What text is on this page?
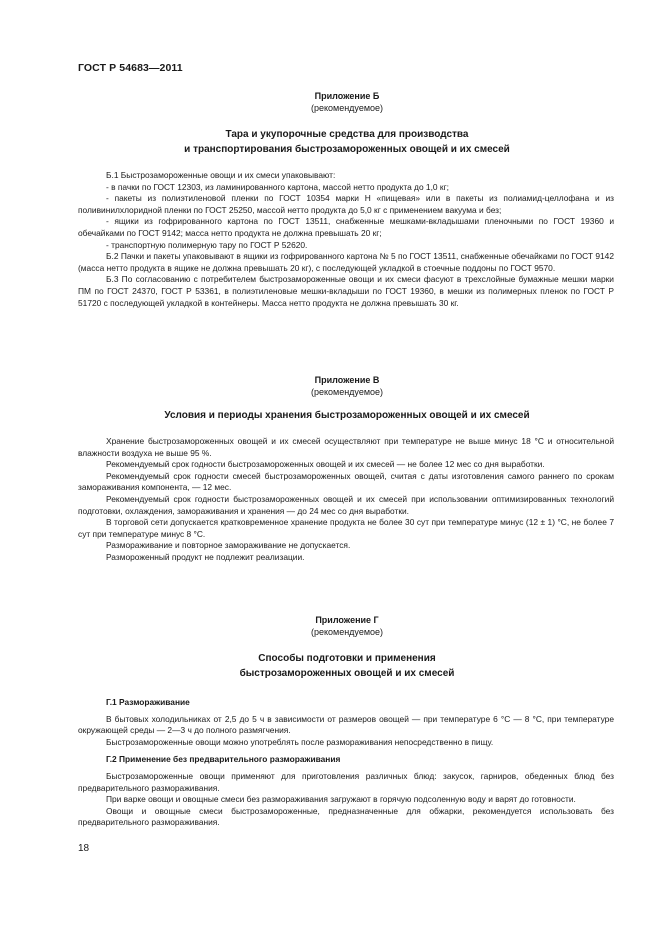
ГОСТ Р 54683—2011
Приложение Б
(рекомендуемое)
Тара и укупорочные средства для производства
и транспортирования быстрозамороженных овощей и их смесей

Б.1 Быстрозамороженные овощи и их смеси упаковывают:

- в пачки по ГОСТ 12303, из ламинированного картона, массой нетто продукта до 1,0 кг;

- пакеты из полиэтиленовой пленки по ГОСТ 10354 марки Н «пищевая» или в пакеты из полиамид-целлофана и из поливинилхлоридной пленки по ГОСТ 25250, массой нетто продукта до 5,0 кг с применением вакуума и без;

- ящики из гофрированного картона по ГОСТ 13511, снабженные мешками-вкладышами пленочными по ГОСТ 19360 и обечайками по ГОСТ 9142; масса нетто продукта не должна превышать 20 кг;

- транспортную полимерную тару по ГОСТ Р 52620.

Б.2 Пачки и пакеты упаковывают в ящики из гофрированного картона № 5 по ГОСТ 13511, снабженные обечайками по ГОСТ 9142 (масса нетто продукта в ящике не должна превышать 20 кг), с последующей укладкой в стоечные поддоны по ГОСТ 9570.

Б.3 По согласованию с потребителем быстрозамороженные овощи и их смеси фасуют в трехслойные бумажные мешки марки ПМ по ГОСТ 24370, ГОСТ Р 53361, в полиэтиленовые мешки-вкладыши по ГОСТ 19360, в мешки из полимерных пленок по ГОСТ Р 51720 с последующей укладкой в контейнеры. Масса нетто продукта не должна превышать 30 кг.

Приложение В
(рекомендуемое)
Условия и периоды хранения быстрозамороженных овощей и их смесей

Хранение быстрозамороженных овощей и их смесей осуществляют при температуре не выше минус 18 °С и относительной влажности воздуха не выше 95 %.

Рекомендуемый срок годности быстрозамороженных овощей и их смесей — не более 12 мес со дня выработки.

Рекомендуемый срок годности смесей быстрозамороженных овощей, считая с даты изготовления самого раннего по срокам замораживания компонента, — 12 мес.

Рекомендуемый срок годности быстрозамороженных овощей и их смесей при использовании оптимизированных технологий подготовки, охлаждения, замораживания и хранения — до 24 мес со дня выработки.

В торговой сети допускается кратковременное хранение продукта не более 30 сут при температуре минус (12 ± 1) °С, не более 7 сут при температуре минус 8 °С.

Размораживание и повторное замораживание не допускается.

Размороженный продукт не подлежит реализации.

Приложение Г
(рекомендуемое)
Способы подготовки и применения
быстрозамороженных овощей и их смесей

Г.1 Размораживание

В бытовых холодильниках от 2,5 до 5 ч в зависимости от размеров овощей — при температуре 6 °С — 8 °С, при температуре окружающей среды — 2—3 ч до полного размягчения.

Быстрозамороженные овощи можно употреблять после размораживания непосредственно в пищу.

Г.2 Применение без предварительного размораживания

Быстрозамороженные овощи применяют для приготовления различных блюд: закусок, гарниров, обеденных блюд без предварительного размораживания.

При варке овощи и овощные смеси без размораживания загружают в горячую подсоленную воду и варят до готовности.

Овощи и овощные смеси быстрозамороженные, предназначенные для обжарки, рекомендуется использовать без предварительного размораживания.

18
